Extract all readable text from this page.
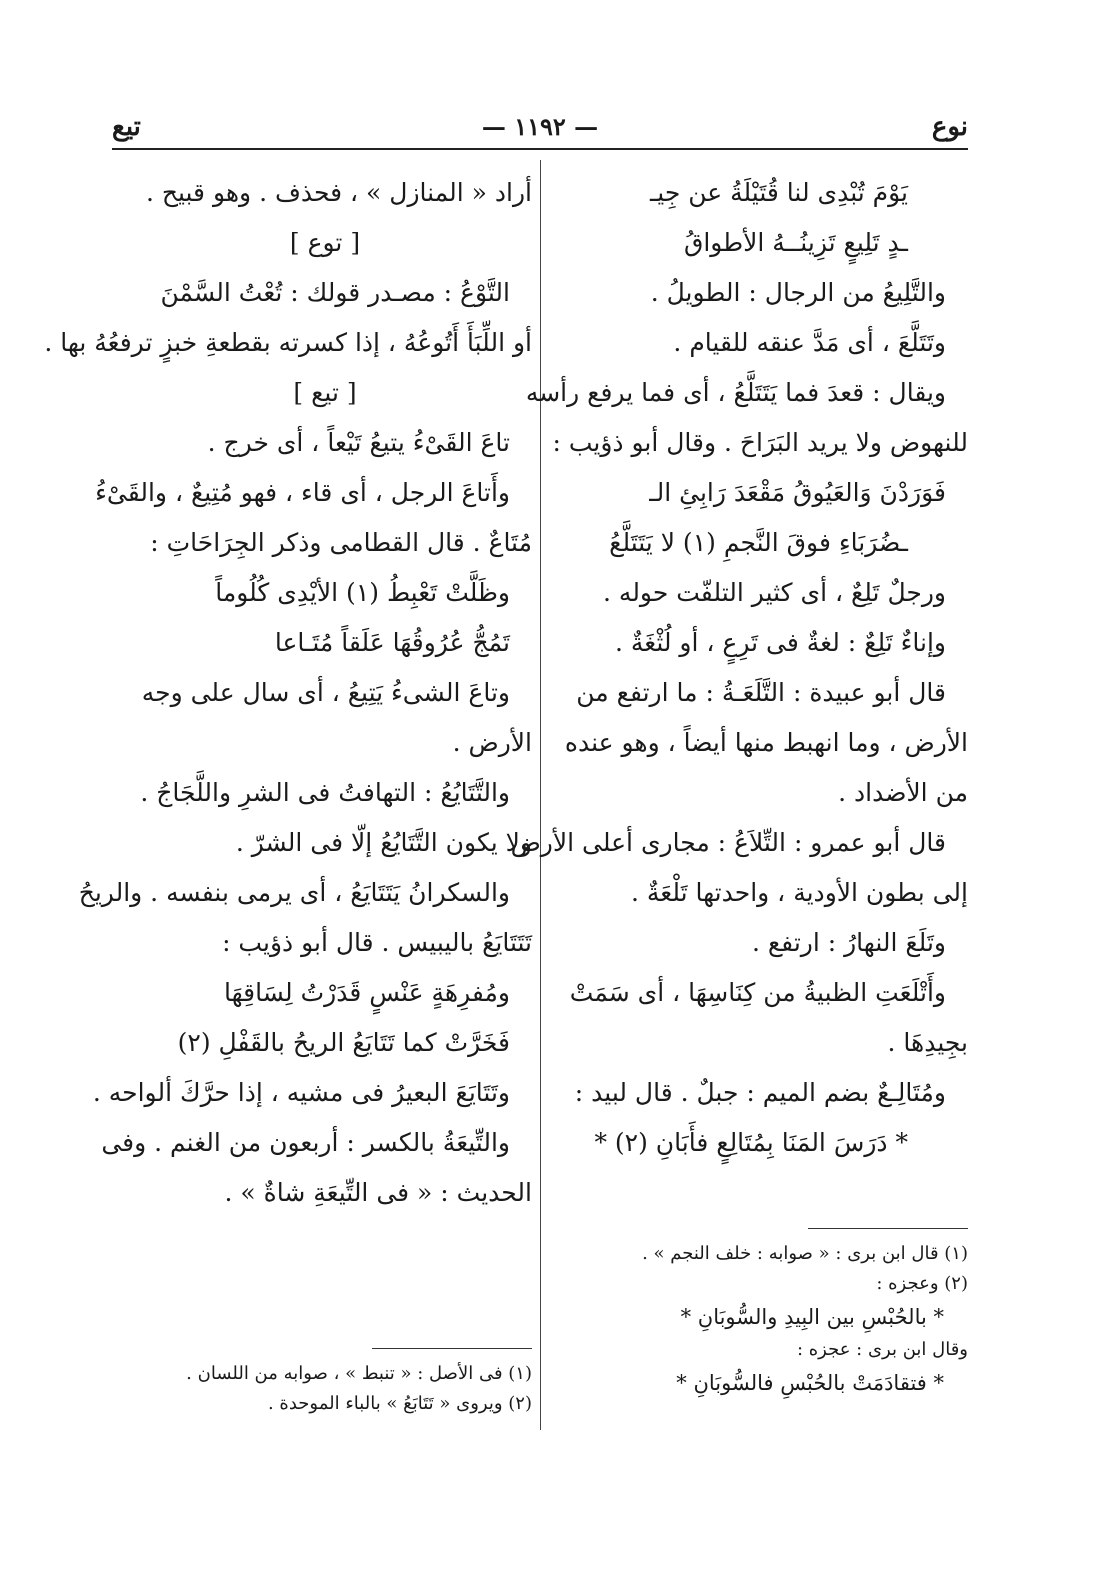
نوع
— ١١٩٢ —
تيع
يَوْمَ تُبْدِى لنا قُتَيْلَةُ عن جِيـ
ـدٍ تَلِيعٍ تَزِينُــهُ الأطواقُ
والتَّلِيعُ من الرجال : الطويلُ .
وتَتَلَّعَ ، أى مَدَّ عنقه للقيام .
ويقال : قعدَ فما يَتَتَلَّعُ ، أى فما يرفع رأسه
للنهوض ولا يريد البَرَاحَ . وقال أبو ذؤيب :
فَوَرَدْنَ وَالعَيُوقُ مَقْعَدَ رَابِئِ الـ
ـضُرَبَاءِ فوقَ النَّجمِ (١) لا يَتَتَلَّعُ
ورجلٌ تَلِعٌ ، أى كثير التلفّت حوله .
وإناءٌ تَلِعٌ : لغةٌ فى تَرِعٍ ، أو لُثْغَةٌ .
قال أبو عبيدة : التَّلَعَـةُ : ما ارتفع من
الأرض ، وما انهبط منها أيضاً ، وهو عنده
من الأضداد .
قال أبو عمرو : التِّلاَعُ : مجارى أعلى الأرض
إلى بطون الأودية ، واحدتها تَلْعَةٌ .
وتَلَعَ النهارُ : ارتفع .
وأَتْلَعَتِ الظبيةُ من كِنَاسِهَا ، أى سَمَتْ
بجِيدِهَا .
ومُتَالِـعٌ بضم الميم : جبلٌ . قال لبيد :
* دَرَسَ المَنَا بِمُتَالِعٍ فأَبَانِ (٢) *
(١) قال ابن برى : « صوابه : خلف النجم » .
(٢) وعجزه :
* بالحُبْسِ بين البِيدِ والسُّوبَانِ *
وقال ابن برى : عجزه :
* فتقادَمَتْ بالحُبْسِ فالسُّوبَانِ *
أراد « المنازل » ، فحذف . وهو قبيح .
[ توع ]
التَّوْعُ : مصـدر قولك : تُعْتُ السَّمْنَ
أو اللِّبَأَ أَتُوعُهُ ، إذا كسرته بقطعةِ خبزٍ ترفعُهُ بها .
[ تيع ]
تاعَ القَىْءُ يتيعُ تَيْعاً ، أى خرج .
وأَتاعَ الرجل ، أى قاء ، فهو مُتِيعٌ ، والقَىْءُ
مُتَاعٌ . قال القطامى وذكر الجِرَاحَاتِ :
وظَلَّتْ تَعْبِطُ (١) الأيْدِى كُلُوماً
تَمُجُّ عُرُوقُهَا عَلَقاً مُتَـاعا
وتاعَ الشىءُ يَتِيعُ ، أى سال على وجه
الأرض .
والتَّتَايُعُ : التهافتُ فى الشرِ واللَّجَاجُ .
ولا يكون التَّتَايُعُ إلّا فى الشرّ .
والسكرانُ يَتَتَايَعُ ، أى يرمى بنفسه . والريحُ
تَتَتَايَعُ باليبيس . قال أبو ذؤيب :
ومُفرِهَةٍ عَنْسٍ قَدَرْتُ لِسَاقِهَا
فَخَرَّتْ كما تَتَايَعُ الريحُ بالقَفْلِ (٢)
وتَتَايَعَ البعيرُ فى مشيه ، إذا حرَّكَ ألواحه .
والتِّيعَةُ بالكسر : أربعون من الغنم . وفى
الحديث : « فى التِّيعَةِ شاةٌ » .
(١) فى الأصل : « تنبط » ، صوابه من اللسان .
(٢) ويروى « تَتَابَعُ » بالباء الموحدة .
